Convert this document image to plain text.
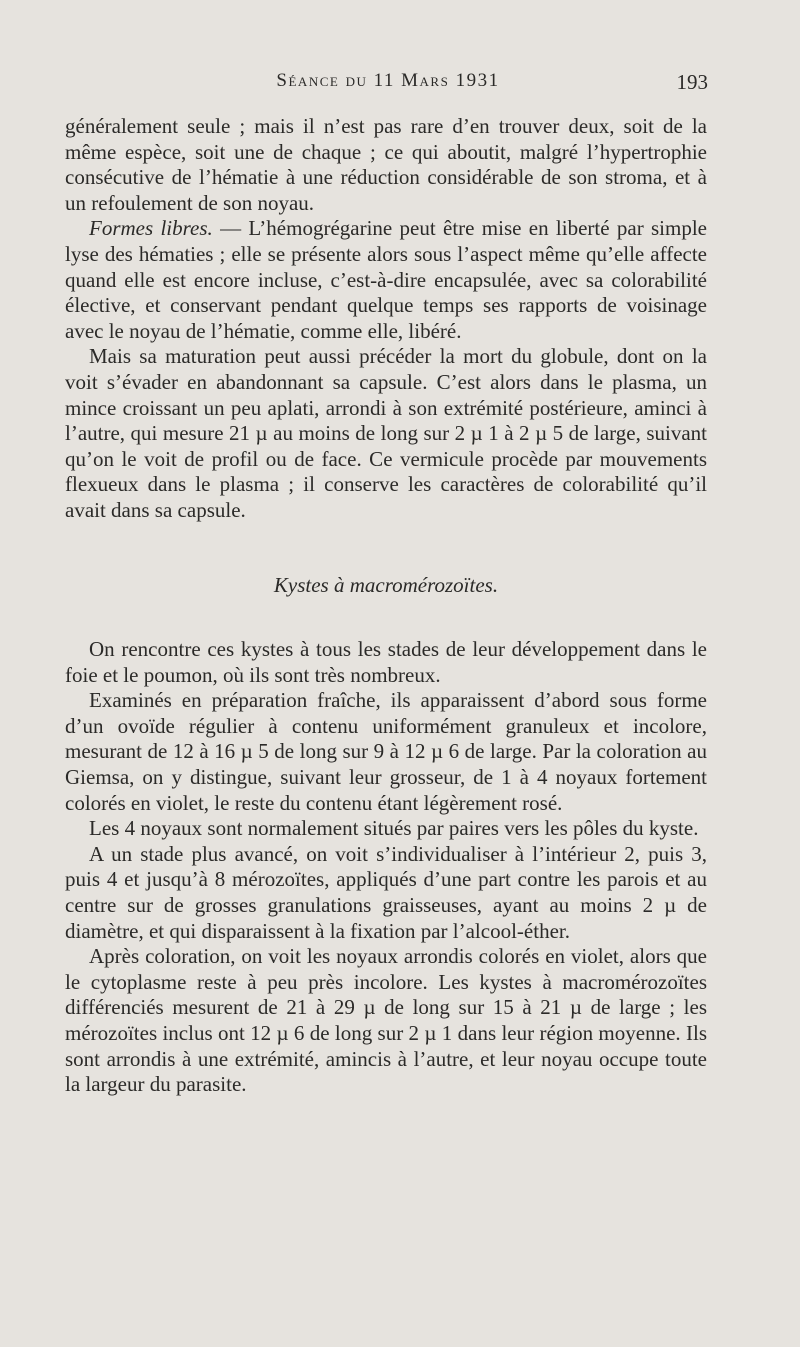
Séance du 11 Mars 1931	193

généralement seule ; mais il n’est pas rare d’en trouver deux, soit de la même espèce, soit une de chaque ; ce qui aboutit, malgré l’hypertrophie consécutive de l’hématie à une réduction considérable de son stroma, et à un refoulement de son noyau.

Formes libres. — L’hémogrégarine peut être mise en liberté par simple lyse des hématies ; elle se présente alors sous l’aspect même qu’elle affecte quand elle est encore incluse, c’est-à-dire encapsulée, avec sa colorabilité élective, et conservant pendant quelque temps ses rapports de voisinage avec le noyau de l’hématie, comme elle, libéré.

Mais sa maturation peut aussi précéder la mort du globule, dont on la voit s’évader en abandonnant sa capsule. C’est alors dans le plasma, un mince croissant un peu aplati, arrondi à son extrémité postérieure, aminci à l’autre, qui mesure 21 µ au moins de long sur 2 µ 1 à 2 µ 5 de large, suivant qu’on le voit de profil ou de face. Ce vermicule procède par mouvements flexueux dans le plasma ; il conserve les caractères de colorabilité qu’il avait dans sa capsule.

Kystes à macromérozoïtes.

On rencontre ces kystes à tous les stades de leur développement dans le foie et le poumon, où ils sont très nombreux.

Examinés en préparation fraîche, ils apparaissent d’abord sous forme d’un ovoïde régulier à contenu uniformément granuleux et incolore, mesurant de 12 à 16 µ 5 de long sur 9 à 12 µ 6 de large. Par la coloration au Giemsa, on y distingue, suivant leur grosseur, de 1 à 4 noyaux fortement colorés en violet, le reste du contenu étant légèrement rosé.

Les 4 noyaux sont normalement situés par paires vers les pôles du kyste.

A un stade plus avancé, on voit s’individualiser à l’intérieur 2, puis 3, puis 4 et jusqu’à 8 mérozoïtes, appliqués d’une part contre les parois et au centre sur de grosses granulations graisseuses, ayant au moins 2 µ de diamètre, et qui disparaissent à la fixation par l’alcool-éther.

Après coloration, on voit les noyaux arrondis colorés en violet, alors que le cytoplasme reste à peu près incolore. Les kystes à macromérozoïtes différenciés mesurent de 21 à 29 µ de long sur 15 à 21 µ de large ; les mérozoïtes inclus ont 12 µ 6 de long sur 2 µ 1 dans leur région moyenne. Ils sont arrondis à une extrémité, amincis à l’autre, et leur noyau occupe toute la largeur du parasite.
